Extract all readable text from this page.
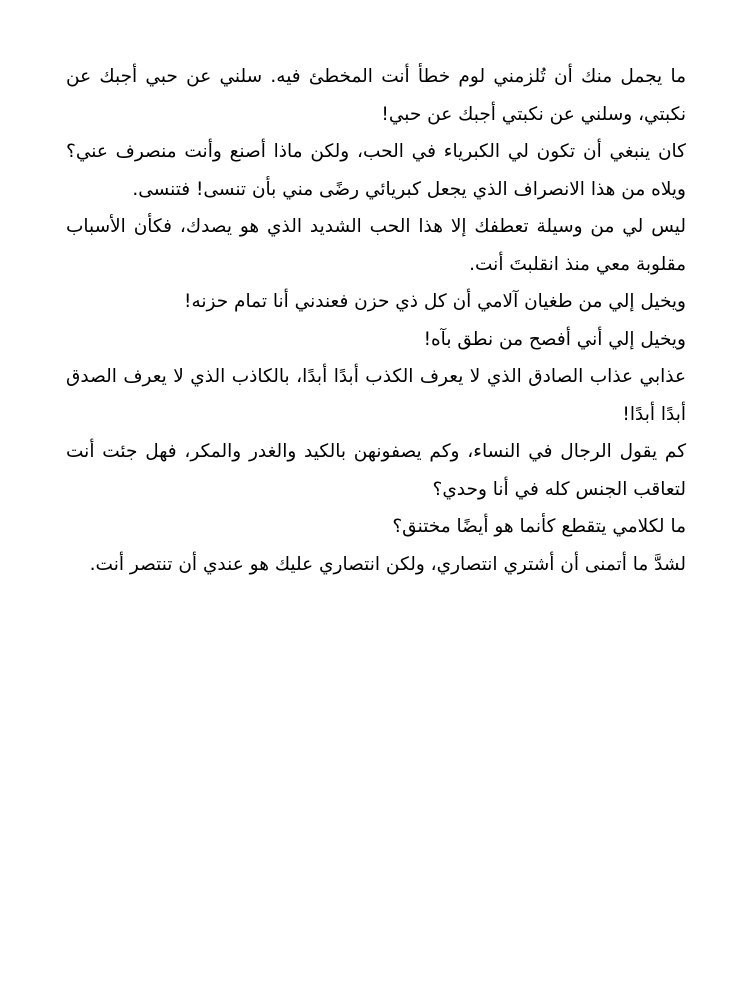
ما يجمل منك أن تُلزمني لوم خطأ أنت المخطئ فيه. سلني عن حبي أجبك عن نكبتي، وسلني عن نكبتي أجبك عن حبي!

كان ينبغي أن تكون لي الكبرياء في الحب، ولكن ماذا أصنع وأنت منصرف عني؟ ويلاه من هذا الانصراف الذي يجعل كبريائي رضًى مني بأن تنسى! فتنسى.

ليس لي من وسيلة تعطفك إلا هذا الحب الشديد الذي هو يصدك، فكأن الأسباب مقلوبة معي منذ انقلبتَ أنت.

ويخيل إلي من طغيان آلامي أن كل ذي حزن فعندني أنا تمام حزنه!

ويخيل إلي أني أفصح من نطق بآه!

عذابي عذاب الصادق الذي لا يعرف الكذب أبدًا أبدًا، بالكاذب الذي لا يعرف الصدق أبدًا أبدًا!

كم يقول الرجال في النساء، وكم يصفونهن بالكيد والغدر والمكر، فهل جئت أنت لتعاقب الجنس كله في أنا وحدي؟

ما لكلامي يتقطع كأنما هو أيضًا مختنق؟

لشدَّ ما أتمنى أن أشتري انتصاري، ولكن انتصاري عليك هو عندي أن تنتصر أنت.
